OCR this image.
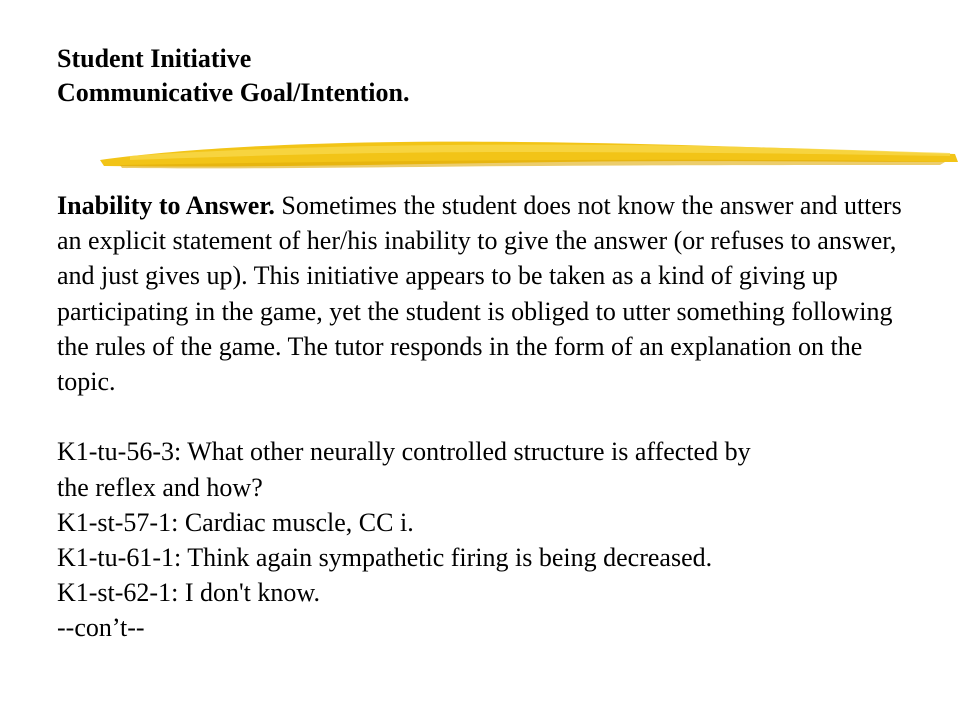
Student Initiative
Communicative Goal/Intention.

Inability to Answer. Sometimes the student does not know the answer and utters an explicit statement of her/his inability to give the answer (or refuses to answer, and just gives up). This initiative appears to be taken as a kind of giving up participating in the game, yet the student is obliged to utter something following the rules of the game. The tutor responds in the form of an explanation on the topic.

K1-tu-56-3: What other neurally controlled structure is affected by
the reflex and how?
K1-st-57-1: Cardiac muscle, CC i.
K1-tu-61-1: Think again sympathetic firing is being decreased.
K1-st-62-1: I don't know.
--con’t--
